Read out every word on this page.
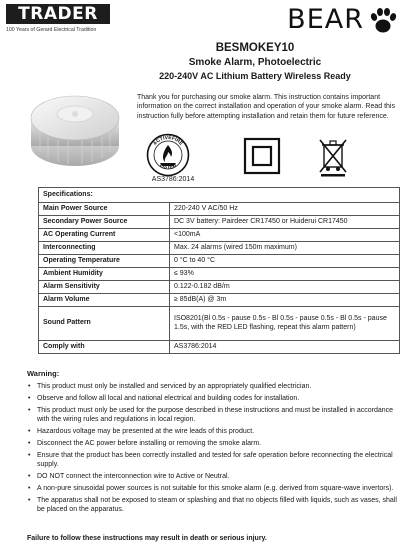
TRADER
100 Years of Gerard Electrical Tradition	BEAR
BESMOKEY10
Smoke Alarm, Photoelectric
220-240V AC Lithium Battery Wireless Ready

Thank you for purchasing our smoke alarm. This instruction contains important information on the correct installation and operation of your smoke alarm. Read this instruction fully before attempting installation and retain them for future reference.

ACTIVEFIRE
LISTED
AS3786:2014
Specifications:	
Main Power Source	220-240 V AC/50 Hz
Secondary Power Source	DC 3V battery: Pairdeer CR17450 or Huiderui CR17450
AC Operating Current	<100mA
Interconnecting	Max. 24 alarms (wired 150m maximum)
Operating Temperature	0 °C to 40 °C
Ambient Humidity	≤ 93%
Alarm Sensitivity	0.122-0.182 dB/m
Alarm Volume	≥ 85dB(A) @ 3m
Sound Pattern	ISO8201(Bl 0.5s - pause 0.5s - Bl 0.5s - pause 0.5s - Bl 0.5s - pause 1.5s, with the RED LED flashing, repeat this alarm pattern)
Comply with	AS3786:2014
Warning:
• This product must only be installed and serviced by an appropriately qualified electrician.
• Observe and follow all local and national electrical and building codes for installation.
• This product must only be used for the purpose described in these instructions and must be installed in accordance with the wiring rules and regulations in local region.
• Hazardous voltage may be presented at the wire leads of this product.
• Disconnect the AC power before installing or removing the smoke alarm.
• Ensure that the product has been correctly installed and tested for safe operation before reconnecting the electrical supply.
• DO NOT connect the interconnection wire to Active or Neutral.
• A non-pure sinusoidal power sources is not suitable for this smoke alarm (e.g. derived from square-wave invertors).
• The apparatus shall not be exposed to steam or splashing and that no objects filled with liquids, such as vases, shall be placed on the apparatus.
Failure to follow these instructions may result in death or serious injury.
